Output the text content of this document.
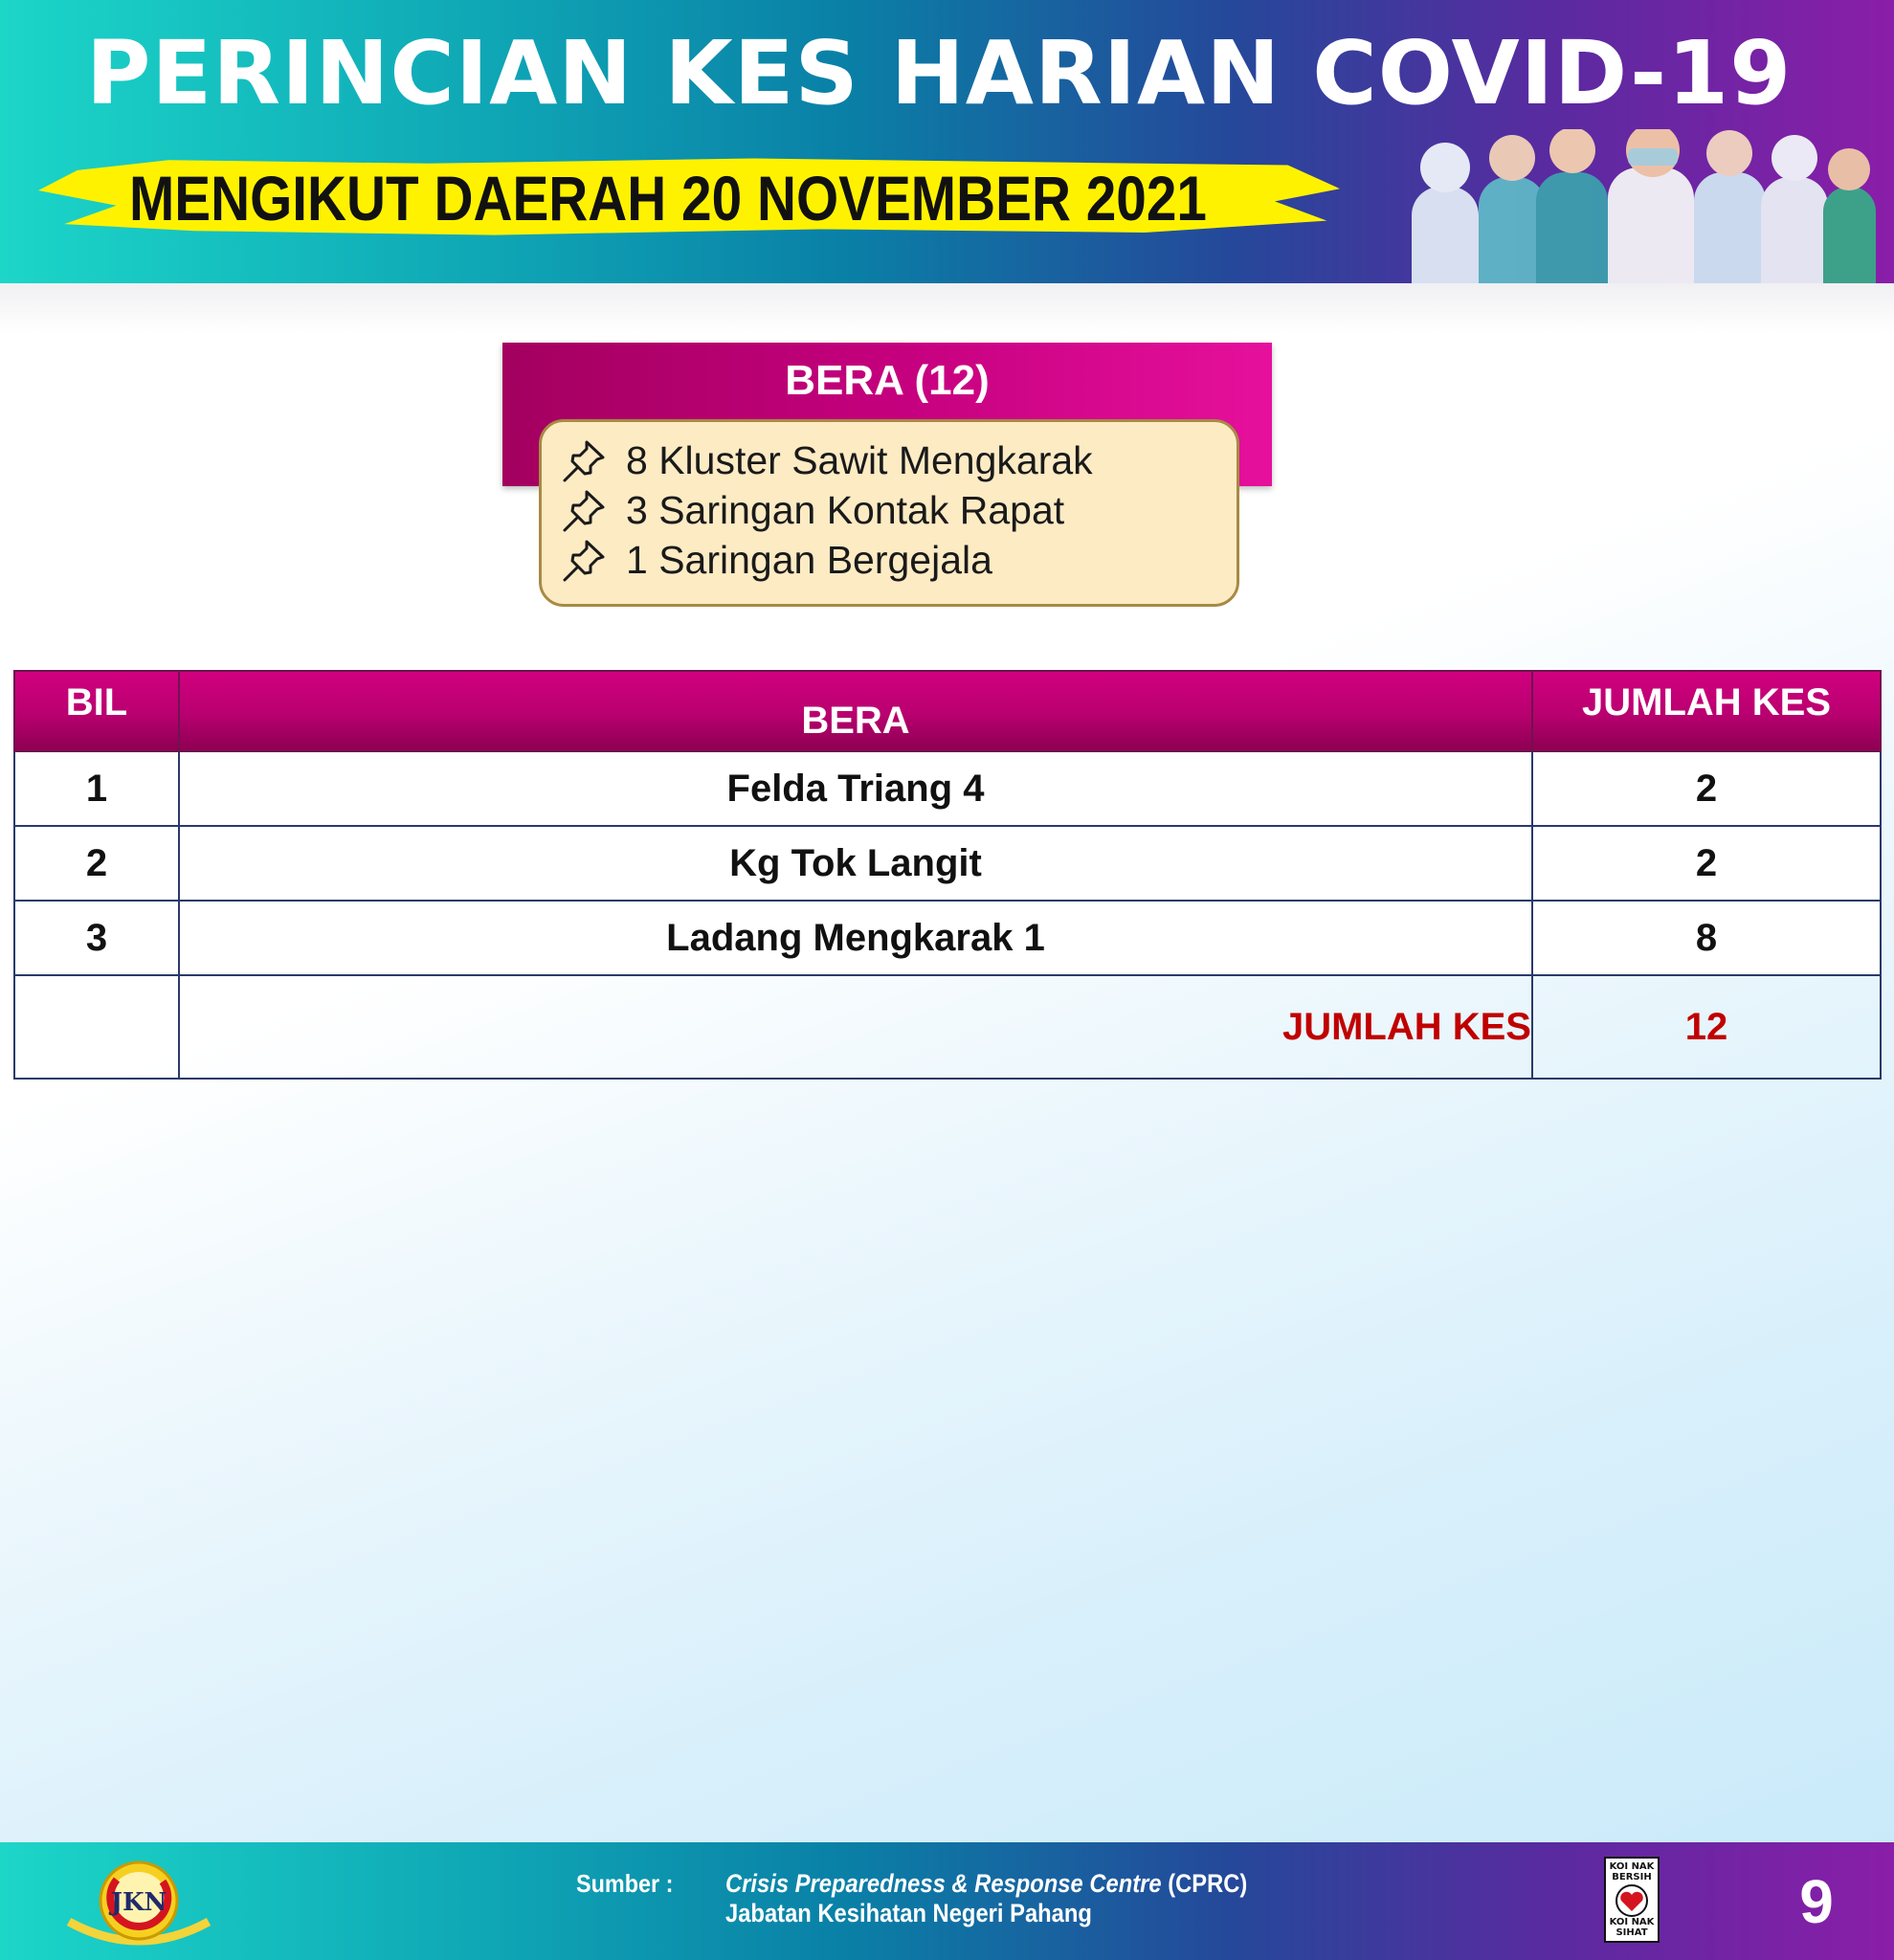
PERINCIAN KES HARIAN COVID-19
MENGIKUT DAERAH 20 NOVEMBER 2021
BERA (12)
8 Kluster Sawit Mengkarak
3 Saringan Kontak Rapat
1 Saringan Bergejala
BIL	BERA	JUMLAH KES
1	Felda Triang 4	2
2	Kg Tok Langit	2
3	Ladang Mengkarak 1	8
	JUMLAH KES	12
JKN
Sumber : Crisis Preparedness & Response Centre (CPRC)
Jabatan Kesihatan Negeri Pahang
KOI NAK BERSIH
KOI NAK SIHAT	9
